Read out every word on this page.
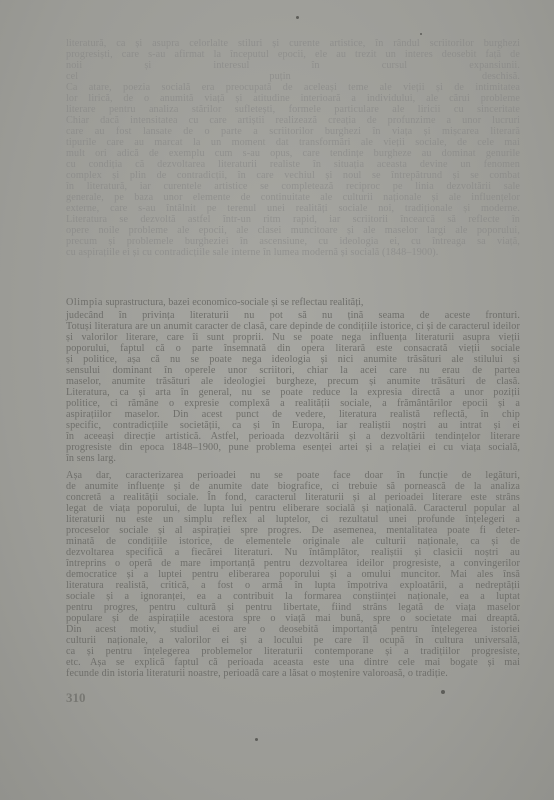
literatură, ca și asupra celorlalte stiluri și curente artistice, în rândul scriitorilor burghezi
progresiști, care s-au afirmat la începutul epocii, ele au trezit un interes deosebit față de
noii și interesul în cursul expansiunii.
cel puțin deschisă.
Ca atare, poezia socială era preocupată de aceleași teme ale vieții și de intimitatea
lor lirică, de o anumită viață și atitudine interioară a individului, ale cărui probleme
literare pentru analiza stărilor sufletești, formele particulare ale liricii cu sinceritate
Chiar dacă intensitatea cu care artiștii realizează creația de profunzime a unor lucruri
care au fost lansate de o parte a scriitorilor burghezi în viața și mișcarea literară
tipurile care au marcat la un moment dat transformări ale vieții sociale, de cele mai
mult ori adică de exemplu cum s-au opus, care tendințe burgheze au dominat genurile
cu condiția că dezvoltarea literaturii realiste în situația aceasta devine un fenomen
complex și plin de contradicții, în care vechiul și noul se întrepătrund și se combat
în literatură, iar curentele artistice se completează reciproc pe linia dezvoltării sale
generale, pe baza unor elemente de continuitate ale culturii naționale și ale influențelor
externe, care s-au întâlnit pe terenul unei realități sociale noi, tradiționale și moderne.
Literatura se dezvoltă astfel într-un ritm rapid, iar scriitorii încearcă să reflecte în
opere noile probleme ale epocii, ale clasei muncitoare și ale maselor largi ale poporului,
precum și problemele burgheziei în ascensiune, cu ideologia ei, cu întreaga sa viață,
cu aspirațiile ei și cu contradicțiile sale interne în lumea modernă și socială (1848–1900).
Olimpia suprastructura, bazei economico-sociale și se reflectau realități,
judecând în privința literaturii nu pot să nu țină seama de aceste fronturi.
Totuși literatura are un anumit caracter de clasă, care depinde de condițiile istorice, ci și de caracterul ideilor
și valorilor literare, care îi sunt proprii. Nu se poate nega influența literaturii asupra vieții
poporului, faptul că o parte însemnată din opera literară este consacrată vieții sociale
și politice, așa că nu se poate nega ideologia și nici anumite trăsături ale stilului și
sensului dominant în operele unor scriitori, chiar la acei care nu erau de partea
maselor, anumite trăsături ale ideologiei burgheze, precum și anumite trăsături de clasă.
Literatura, ca și arta în general, nu se poate reduce la expresia directă a unor poziții
politice, ci rămâne o expresie complexă a realității sociale, a frământărilor epocii și a
aspirațiilor maselor. Din acest punct de vedere, literatura realistă reflectă, în chip
specific, contradicțiile societății, ca și în Europa, iar realiștii noștri au intrat și ei
în aceeași direcție artistică. Astfel, perioada dezvoltării și a dezvoltării tendințelor literare
progresiste din epoca 1848–1900, pune problema esenței artei și a relației ei cu viața socială,
în sens larg.
Așa dar, caracterizarea perioadei nu se poate face doar în funcție de legături,
de anumite influențe și de anumite date biografice, ci trebuie să pornească de la analiza
concretă a realității sociale. În fond, caracterul literaturii și al perioadei literare este strâns
legat de viața poporului, de lupta lui pentru eliberare socială și națională. Caracterul popular al
literaturii nu este un simplu reflex al luptelor, ci rezultatul unei profunde înțelegeri a
proceselor sociale și al aspirației spre progres. De asemenea, mentalitatea poate fi deter-
minată de condițiile istorice, de elementele originale ale culturii naționale, ca și de
dezvoltarea specifică a fiecărei literaturi. Nu întâmplător, realiștii și clasicii noștri au
întreprins o operă de mare importanță pentru dezvoltarea ideilor progresiste, a convingerilor
democratice și a luptei pentru eliberarea poporului și a omului muncitor. Mai ales însă
literatura realistă, critică, a fost o armă în lupta împotriva exploatării, a nedreptății
sociale și a ignoranței, ea a contribuit la formarea conștiinței naționale, ea a luptat
pentru progres, pentru cultură și pentru libertate, fiind strâns legată de viața maselor
populare și de aspirațiile acestora spre o viață mai bună, spre o societate mai dreaptă.
Din acest motiv, studiul ei are o deosebită importanță pentru înțelegerea istoriei
culturii naționale, a valorilor ei și a locului pe care îl ocupă în cultura universală,
ca și pentru înțelegerea problemelor literaturii contemporane și a tradițiilor progresiste,
etc. Așa se explică faptul că perioada aceasta este una dintre cele mai bogate și mai
fecunde din istoria literaturii noastre, perioadă care a lăsat o moștenire valoroasă, o tradiție.
310
